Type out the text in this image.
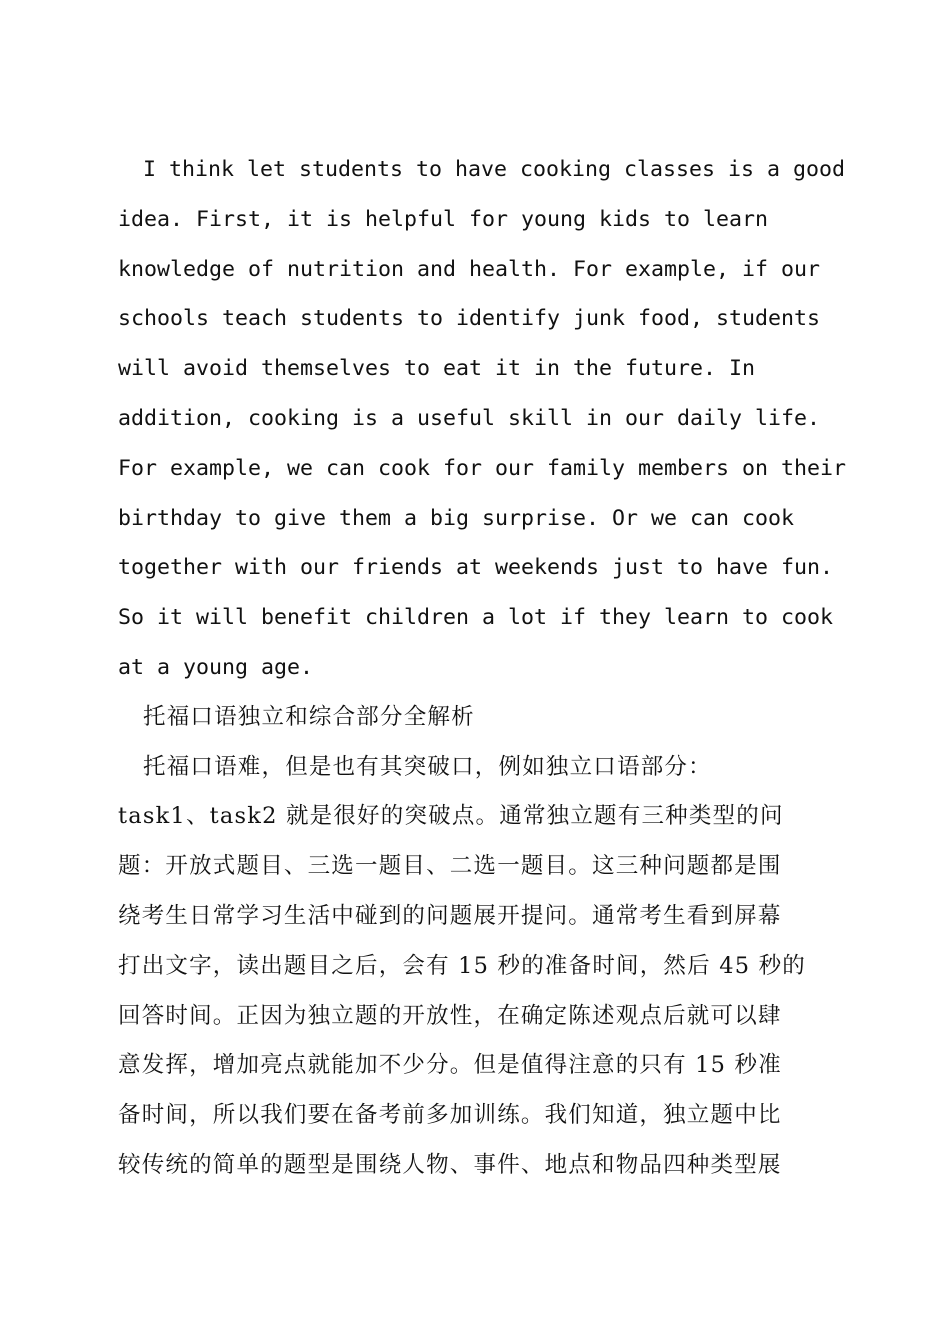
I think let students to have cooking classes is a good
idea. First, it is helpful for young kids to learn
knowledge of nutrition and health. For example, if our
schools teach students to identify junk food, students
will avoid themselves to eat it in the future. In
addition, cooking is a useful skill in our daily life.
For example, we can cook for our family members on their
birthday to give them a big surprise. Or we can cook
together with our friends at weekends just to have fun.
So it will benefit children a lot if they learn to cook
at a young age.
托福口语独立和综合部分全解析
托福口语难，但是也有其突破口，例如独立口语部分：
task1、task2 就是很好的突破点。通常独立题有三种类型的问
题：开放式题目、三选一题目、二选一题目。这三种问题都是围
绕考生日常学习生活中碰到的问题展开提问。通常考生看到屏幕
打出文字，读出题目之后，会有 15 秒的准备时间，然后 45 秒的
回答时间。正因为独立题的开放性，在确定陈述观点后就可以肆
意发挥，增加亮点就能加不少分。但是值得注意的只有 15 秒准
备时间，所以我们要在备考前多加训练。我们知道，独立题中比
较传统的简单的题型是围绕人物、事件、地点和物品四种类型展
